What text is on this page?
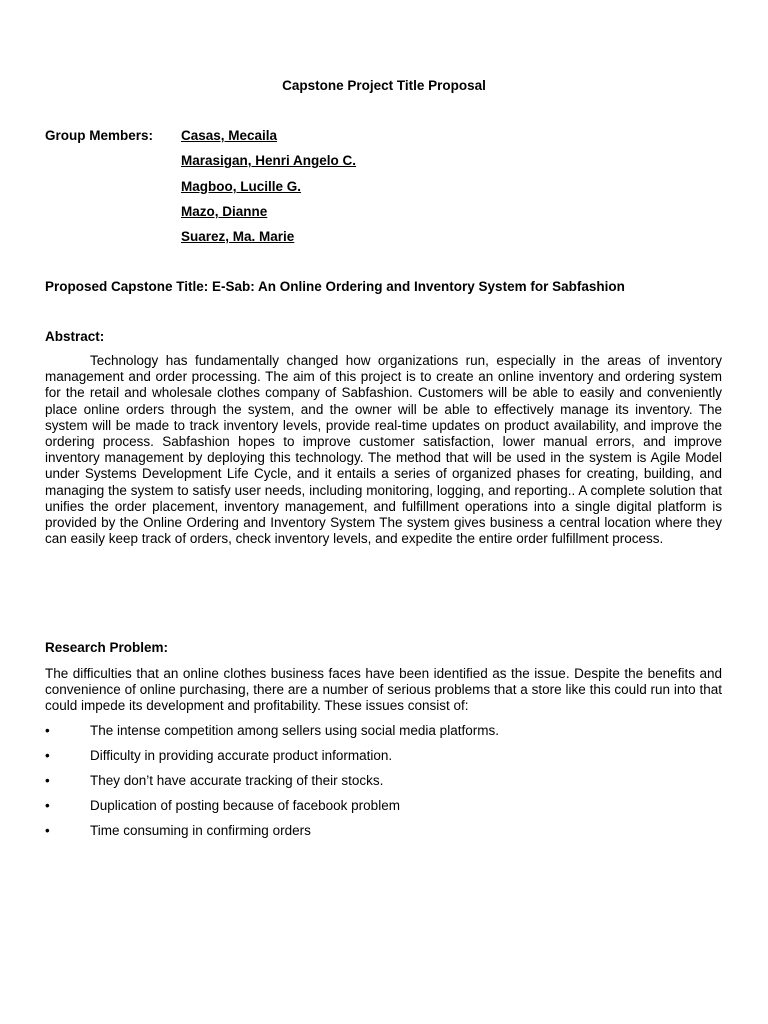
Capstone Project Title Proposal
Group Members: Casas, Mecaila
Marasigan, Henri Angelo C.
Magboo, Lucille G.
Mazo, Dianne
Suarez, Ma. Marie
Proposed Capstone Title: E-Sab: An Online Ordering and Inventory System for Sabfashion
Abstract:

Technology has fundamentally changed how organizations run, especially in the areas of inventory management and order processing. The aim of this project is to create an online inventory and ordering system for the retail and wholesale clothes company of Sabfashion. Customers will be able to easily and conveniently place online orders through the system, and the owner will be able to effectively manage its inventory. The system will be made to track inventory levels, provide real-time updates on product availability, and improve the ordering process. Sabfashion hopes to improve customer satisfaction, lower manual errors, and improve inventory management by deploying this technology. The method that will be used in the system is Agile Model under Systems Development Life Cycle, and it entails a series of organized phases for creating, building, and managing the system to satisfy user needs, including monitoring, logging, and reporting.. A complete solution that unifies the order placement, inventory management, and fulfillment operations into a single digital platform is provided by the Online Ordering and Inventory System The system gives business a central location where they can easily keep track of orders, check inventory levels, and expedite the entire order fulfillment process.

Research Problem:

The difficulties that an online clothes business faces have been identified as the issue. Despite the benefits and convenience of online purchasing, there are a number of serious problems that a store like this could run into that could impede its development and profitability. These issues consist of:

•	The intense competition among sellers using social media platforms.
•	Difficulty in providing accurate product information.
•	They don’t have accurate tracking of their stocks.
•	Duplication of posting because of facebook problem
•	Time consuming in confirming orders
